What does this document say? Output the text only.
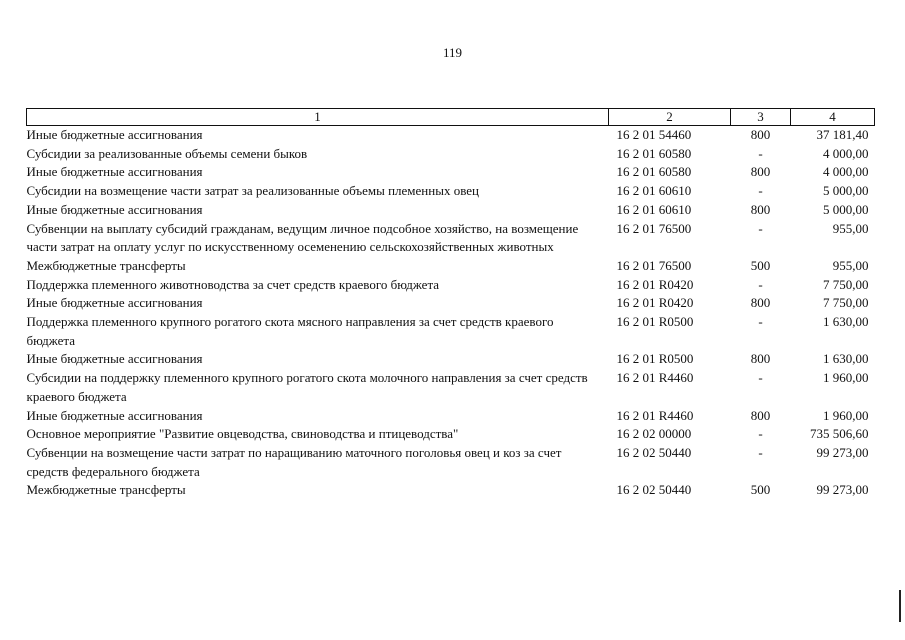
119
1	2	3	4
Иные бюджетные ассигнования	16 2 01 54460	800	37 181,40
Субсидии за реализованные объемы семени быков	16 2 01 60580	-	4 000,00
Иные бюджетные ассигнования	16 2 01 60580	800	4 000,00
Субсидии на возмещение части затрат за реализованные объемы племенных овец	16 2 01 60610	-	5 000,00
Иные бюджетные ассигнования	16 2 01 60610	800	5 000,00
Субвенции на выплату субсидий гражданам, ведущим личное подсобное хозяйство, на возмещение части затрат на оплату услуг по искусственному осеменению сельскохозяйственных животных	16 2 01 76500	-	955,00
Межбюджетные трансферты	16 2 01 76500	500	955,00
Поддержка племенного животноводства за счет средств краевого бюджета	16 2 01 R0420	-	7 750,00
Иные бюджетные ассигнования	16 2 01 R0420	800	7 750,00
Поддержка племенного крупного рогатого скота мясного направления за счет средств краевого бюджета	16 2 01 R0500	-	1 630,00
Иные бюджетные ассигнования	16 2 01 R0500	800	1 630,00
Субсидии на поддержку племенного крупного рогатого скота молочного направления за счет средств краевого бюджета	16 2 01 R4460	-	1 960,00
Иные бюджетные ассигнования	16 2 01 R4460	800	1 960,00
Основное мероприятие "Развитие овцеводства, свиноводства и птицеводства"	16 2 02 00000	-	735 506,60
Субвенции на возмещение части затрат по наращиванию маточного поголовья овец и коз за счет средств федерального бюджета	16 2 02 50440	-	99 273,00
Межбюджетные трансферты	16 2 02 50440	500	99 273,00
